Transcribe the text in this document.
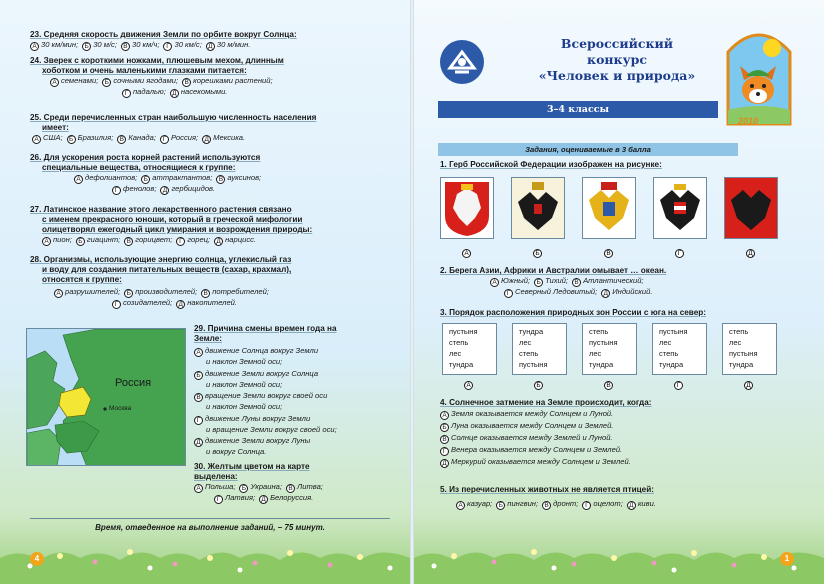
23. Средняя скорость движения Земли по орбите вокруг Солнца:
А 30 км/мин; Б 30 м/с; В 30 км/ч; Г 30 км/с; Д 30 м/мин.
24. Зверек с короткими ножками, плюшевым мехом, длинным
хоботком и очень маленькими глазками питается:
А семенами; Б сочными ягодами; В корешками растений;
Г падалью; Д насекомыми.
25. Среди перечисленных стран наибольшую численность населения
имеет:
А США; Б Бразилия; В Канада; Г Россия; Д Мексика.
26. Для ускорения роста корней растений используются
специальные вещества, относящиеся к группе:
А дефолиантов; Б аттрактантов; В ауксинов;
Г фенолов; Д гербицидов.
27. Латинское название этого лекарственного растения связано
с именем прекрасного юноши, который в греческой мифологии
олицетворял ежегодный цикл умирания и возрождения природы:
А пион; Б гиацинт; В горицвет; Г горец; Д нарцисс.
28. Организмы, использующие энергию солнца, углекислый газ
и воду для создания питательных веществ (сахар, крахмал),
относятся к группе:
А разрушителей; Б производителей; В потребителей;
Г созидателей; Д накопителей.
Россия
Москва
29. Причина смены времен года на
Земле:
А движение Солнца вокруг Земли
и наклон Земной оси;
Б движение Земли вокруг Солнца
и наклон Земной оси;
В вращение Земли вокруг своей оси
и наклон Земной оси;
Г движение Луны вокруг Земли
и вращение Земли вокруг своей оси;
Д движение Земли вокруг Луны
и вокруг Солнца.
30. Желтым цветом на карте
выделена:
А Польша; Б Украина; В Литва;
Г Латвия; Д Белоруссия.
Время, отведенное на выполнение заданий, – 75 минут.
4
Всероссийский
конкурс
«Человек и природа»
2010
3–4 классы
Задания, оцениваемые в 3 балла
1. Герб Российской Федерации изображен на рисунке:
А	Б	В	Г	Д
2. Берега Азии, Африки и Австралии омывает … океан.
А Южный; Б Тихий; В Атлантический;
Г Северный Ледовитый; Д Индийский.
3. Порядок расположения природных зон России с юга на север:
пустыня
степь
лес
тундра
А
тундра
лес
степь
пустыня
Б
степь
пустыня
лес
тундра
В
пустыня
лес
степь
тундра
Г
степь
лес
пустыня
тундра
Д
4. Солнечное затмение на Земле происходит, когда:
А Земля оказывается между Солнцем и Луной.
Б Луна оказывается между Солнцем и Землей.
В Солнце оказывается между Землей и Луной.
Г Венера оказывается между Солнцем и Землей.
Д Меркурий оказывается между Солнцем и Землей.
5. Из перечисленных животных не является птицей:
А казуар; Б пингвин; В дронт; Г оцелот; Д киви.
1
